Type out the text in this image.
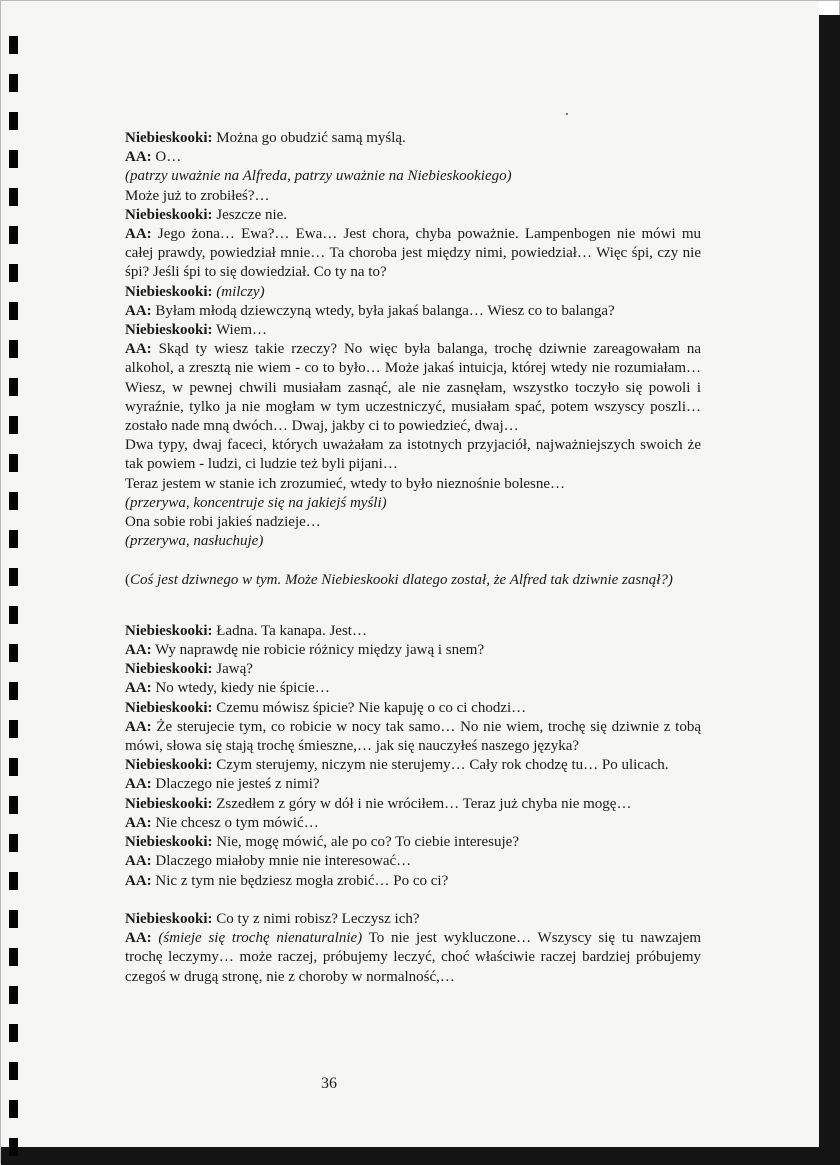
Niebieskooki: Można go obudzić samą myślą.
AA: O…
(patrzy uważnie na Alfreda, patrzy uważnie na Niebieskookiego)
Może już to zrobiłeś?…
Niebieskooki: Jeszcze nie.
AA: Jego żona… Ewa?… Ewa… Jest chora, chyba poważnie. Lampenbogen nie mówi mu całej prawdy, powiedział mnie… Ta choroba jest między nimi, powiedział… Więc śpi, czy nie śpi? Jeśli śpi to się dowiedział. Co ty na to?
Niebieskooki: (milczy)
AA: Byłam młodą dziewczyną wtedy, była jakaś balanga… Wiesz co to balanga?
Niebieskooki: Wiem…
AA: Skąd ty wiesz takie rzeczy? No więc była balanga, trochę dziwnie zareagowałam na alkohol, a zresztą nie wiem - co to było… Może jakaś intuicja, której wtedy nie rozumiałam… Wiesz, w pewnej chwili musiałam zasnąć, ale nie zasnęłam, wszystko toczyło się powoli i wyraźnie, tylko ja nie mogłam w tym uczestniczyć, musiałam spać, potem wszyscy poszli… zostało nade mną dwóch… Dwaj, jakby ci to powiedzieć, dwaj…
Dwa typy, dwaj faceci, których uważałam za istotnych przyjaciół, najważniejszych swoich że tak powiem - ludzi, ci ludzie też byli pijani…
Teraz jestem w stanie ich zrozumieć, wtedy to było nieznośnie bolesne…
(przerywa, koncentruje się na jakiejś myśli)
Ona sobie robi jakieś nadzieje…
(przerywa, nasłuchuje)
(Coś jest dziwnego w tym. Może Niebieskooki dlatego został, że Alfred tak dziwnie zasnął?)
Niebieskooki: Ładna. Ta kanapa. Jest…
AA: Wy naprawdę nie robicie różnicy między jawą i snem?
Niebieskooki: Jawą?
AA: No wtedy, kiedy nie śpicie…
Niebieskooki: Czemu mówisz śpicie? Nie kapuję o co ci chodzi…
AA: Że sterujecie tym, co robicie w nocy tak samo… No nie wiem, trochę się dziwnie z tobą mówi, słowa się stają trochę śmieszne,… jak się nauczyłeś naszego języka?
Niebieskooki: Czym sterujemy, niczym nie sterujemy… Cały rok chodzę tu… Po ulicach.
AA: Dlaczego nie jesteś z nimi?
Niebieskooki: Zszedłem z góry w dół i nie wróciłem… Teraz już chyba nie mogę…
AA: Nie chcesz o tym mówić…
Niebieskooki: Nie, mogę mówić, ale po co? To ciebie interesuje?
AA: Dlaczego miałoby mnie nie interesować…
AA: Nic z tym nie będziesz mogła zrobić… Po co ci?
Niebieskooki: Co ty z nimi robisz? Leczysz ich?
AA: (śmieje się trochę nienaturalnie) To nie jest wykluczone… Wszyscy się tu nawzajem trochę leczymy… może raczej, próbujemy leczyć, choć właściwie raczej bardziej próbujemy czegoś w drugą stronę, nie z choroby w normalność,…
36
